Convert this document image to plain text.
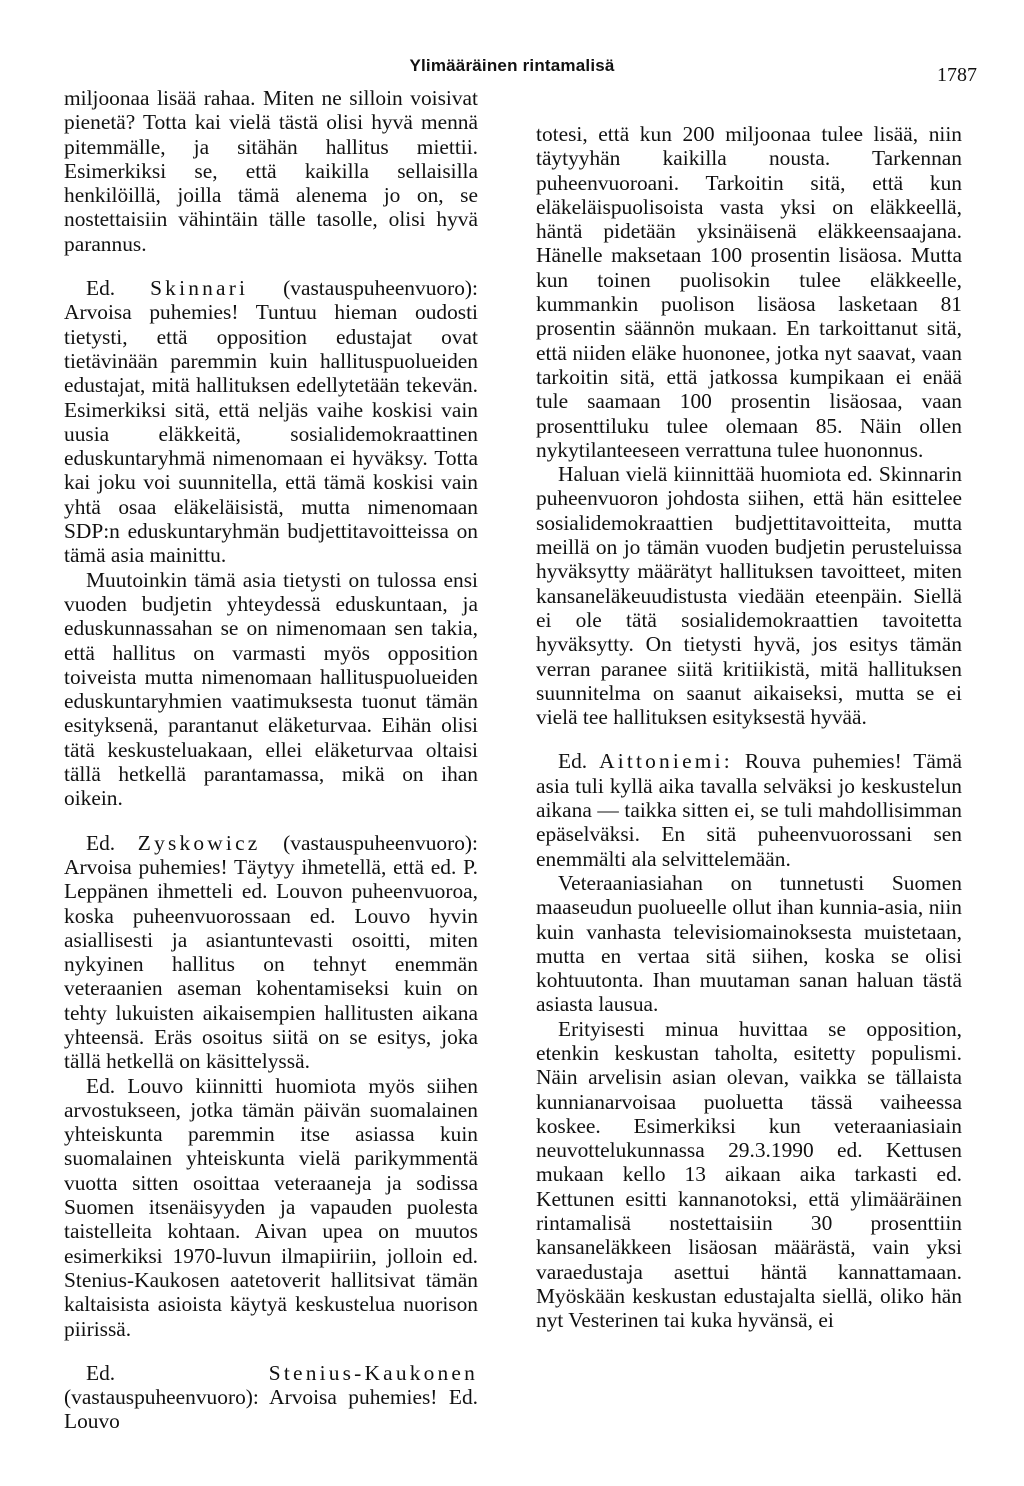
Ylimääräinen rintamalisä	1787

miljoonaa lisää rahaa. Miten ne silloin voisivat pienetä? Totta kai vielä tästä olisi hyvä mennä pitemmälle, ja sitähän hallitus miettii. Esimerkiksi se, että kaikilla sellaisilla henkilöillä, joilla tämä alenema jo on, se nostettaisiin vähintäin tälle tasolle, olisi hyvä parannus.

Ed. Skinnari (vastauspuheenvuoro): Arvoisa puhemies! Tuntuu hieman oudosti tietysti, että opposition edustajat ovat tietävinään paremmin kuin hallituspuolueiden edustajat, mitä hallituksen edellytetään tekevän. Esimerkiksi sitä, että neljäs vaihe koskisi vain uusia eläkkeitä, sosialidemokraattinen eduskuntaryhmä nimenomaan ei hyväksy. Totta kai joku voi suunnitella, että tämä koskisi vain yhtä osaa eläkeläisistä, mutta nimenomaan SDP:n eduskuntaryhmän budjettitavoitteissa on tämä asia mainittu.

Muutoinkin tämä asia tietysti on tulossa ensi vuoden budjetin yhteydessä eduskuntaan, ja eduskunnassahan se on nimenomaan sen takia, että hallitus on varmasti myös opposition toiveista mutta nimenomaan hallituspuolueiden eduskuntaryhmien vaatimuksesta tuonut tämän esityksenä, parantanut eläketurvaa. Eihän olisi tätä keskusteluakaan, ellei eläketurvaa oltaisi tällä hetkellä parantamassa, mikä on ihan oikein.

Ed. Zyskowicz (vastauspuheenvuoro): Arvoisa puhemies! Täytyy ihmetellä, että ed. P. Leppänen ihmetteli ed. Louvon puheenvuoroa, koska puheenvuorossaan ed. Louvo hyvin asiallisesti ja asiantuntevasti osoitti, miten nykyinen hallitus on tehnyt enemmän veteraanien aseman kohentamiseksi kuin on tehty lukuisten aikaisempien hallitusten aikana yhteensä. Eräs osoitus siitä on se esitys, joka tällä hetkellä on käsittelyssä.

Ed. Louvo kiinnitti huomiota myös siihen arvostukseen, jotka tämän päivän suomalainen yhteiskunta paremmin itse asiassa kuin suomalainen yhteiskunta vielä parikymmentä vuotta sitten osoittaa veteraaneja ja sodissa Suomen itsenäisyyden ja vapauden puolesta taistelleita kohtaan. Aivan upea on muutos esimerkiksi 1970-luvun ilmapiiriin, jolloin ed. Stenius-Kaukosen aatetoverit hallitsivat tämän kaltaisista asioista käytyä keskustelua nuorison piirissä.

Ed.	Stenius-Kaukonen (vastauspuheenvuoro): Arvoisa puhemies! Ed. Louvo

totesi, että kun 200 miljoonaa tulee lisää, niin täytyyhän kaikilla nousta. Tarkennan puheenvuoroani. Tarkoitin sitä, että kun eläkeläispuolisoista vasta yksi on eläkkeellä, häntä pidetään yksinäisenä eläkkeensaajana. Hänelle maksetaan 100 prosentin lisäosa. Mutta kun toinen puolisokin tulee eläkkeelle, kummankin puolison lisäosa lasketaan 81 prosentin säännön mukaan. En tarkoittanut sitä, että niiden eläke huononee, jotka nyt saavat, vaan tarkoitin sitä, että jatkossa kumpikaan ei enää tule saamaan 100 prosentin lisäosaa, vaan prosenttiluku tulee olemaan 85. Näin ollen nykytilanteeseen verrattuna tulee huononnus.

Haluan vielä kiinnittää huomiota ed. Skinnarin puheenvuoron johdosta siihen, että hän esittelee sosialidemokraattien budjettitavoitteita, mutta meillä on jo tämän vuoden budjetin perusteluissa hyväksytty määrätyt hallituksen tavoitteet, miten kansaneläkeuudistusta viedään eteenpäin. Siellä ei ole tätä sosialidemokraattien tavoitetta hyväksytty. On tietysti hyvä, jos esitys tämän verran paranee siitä kritiikistä, mitä hallituksen suunnitelma on saanut aikaiseksi, mutta se ei vielä tee hallituksen esityksestä hyvää.

Ed. Aittoniemi: Rouva puhemies! Tämä asia tuli kyllä aika tavalla selväksi jo keskustelun aikana — taikka sitten ei, se tuli mahdollisimman epäselväksi. En sitä puheenvuorossani sen enemmälti ala selvittelemään.

Veteraaniasiahan on tunnetusti Suomen maaseudun puolueelle ollut ihan kunnia-asia, niin kuin vanhasta televisiomainoksesta muistetaan, mutta en vertaa sitä siihen, koska se olisi kohtuutonta. Ihan muutaman sanan haluan tästä asiasta lausua.

Erityisesti minua huvittaa se opposition, etenkin keskustan taholta, esitetty populismi. Näin arvelisin asian olevan, vaikka se tällaista kunnianarvoisaa puoluetta tässä vaiheessa koskee. Esimerkiksi kun veteraaniasiain neuvottelukunnassa 29.3.1990 ed. Kettusen mukaan kello 13 aikaan aika tarkasti ed. Kettunen esitti kannanotoksi, että ylimääräinen rintamalisä nostettaisiin 30 prosenttiin kansaneläkkeen lisäosan määrästä, vain yksi varaedustaja asettui häntä kannattamaan. Myöskään keskustan edustajalta siellä, oliko hän nyt Vesterinen tai kuka hyvänsä, ei
